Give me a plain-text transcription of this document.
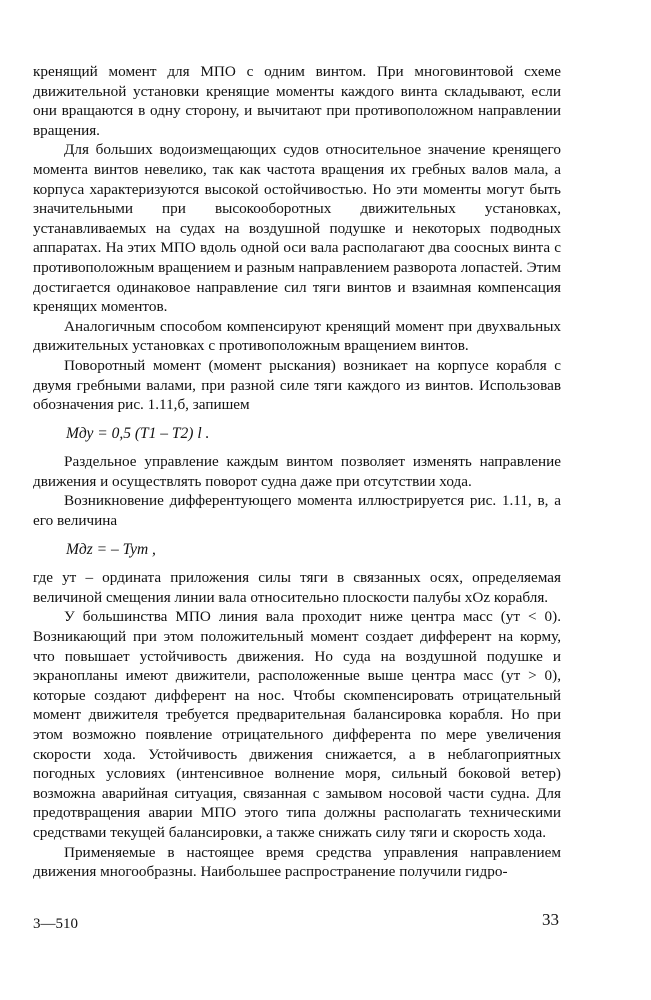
кренящий момент для МПО с одним винтом. При многовинтовой схеме движительной установки кренящие моменты каждого винта складывают, если они вращаются в одну сторону, и вычитают при противоположном направлении вращения.

Для больших водоизмещающих судов относительное значение кренящего момента винтов невелико, так как частота вращения их гребных валов мала, а корпуса характеризуются высокой остойчивостью. Но эти моменты могут быть значительными при высокооборотных движительных установках, устанавливаемых на судах на воздушной подушке и некоторых подводных аппаратах. На этих МПО вдоль одной оси вала располагают два соосных винта с противоположным вращением и разным направлением разворота лопастей. Этим достигается одинаковое направление сил тяги винтов и взаимная компенсация кренящих моментов.

Аналогичным способом компенсируют кренящий момент при двухвальных движительных установках с противоположным вращением винтов.

Поворотный момент (момент рыскания) возникает на корпусе корабля с двумя гребными валами, при разной силе тяги каждого из винтов. Использовав обозначения рис. 1.11,б, запишем

Mду = 0,5 (T1 – T2) l .

Раздельное управление каждым винтом позволяет изменять направление движения и осуществлять поворот судна даже при отсутствии хода.

Возникновение дифферентующего момента иллюстрируется рис. 1.11, в, а его величина

Mдz = – Tyт ,

где yт – ордината приложения силы тяги в связанных осях, определяемая величиной смещения линии вала относительно плоскости палубы xOz корабля.

У большинства МПО линия вала проходит ниже центра масс (yт < 0). Возникающий при этом положительный момент создает дифферент на корму, что повышает устойчивость движения. Но суда на воздушной подушке и экранопланы имеют движители, расположенные выше центра масс (yт > 0), которые создают дифферент на нос. Чтобы скомпенсировать отрицательный момент движителя требуется предварительная балансировка корабля. Но при этом возможно появление отрицательного дифферента по мере увеличения скорости хода. Устойчивость движения снижается, а в неблагоприятных погодных условиях (интенсивное волнение моря, сильный боковой ветер) возможна аварийная ситуация, связанная с замывом носовой части судна. Для предотвращения аварии МПО этого типа должны располагать техническими средствами текущей балансировки, а также снижать силу тяги и скорость хода.

Применяемые в настоящее время средства управления направлением движения многообразны. Наибольшее распространение получили гидро-

3—510	33
